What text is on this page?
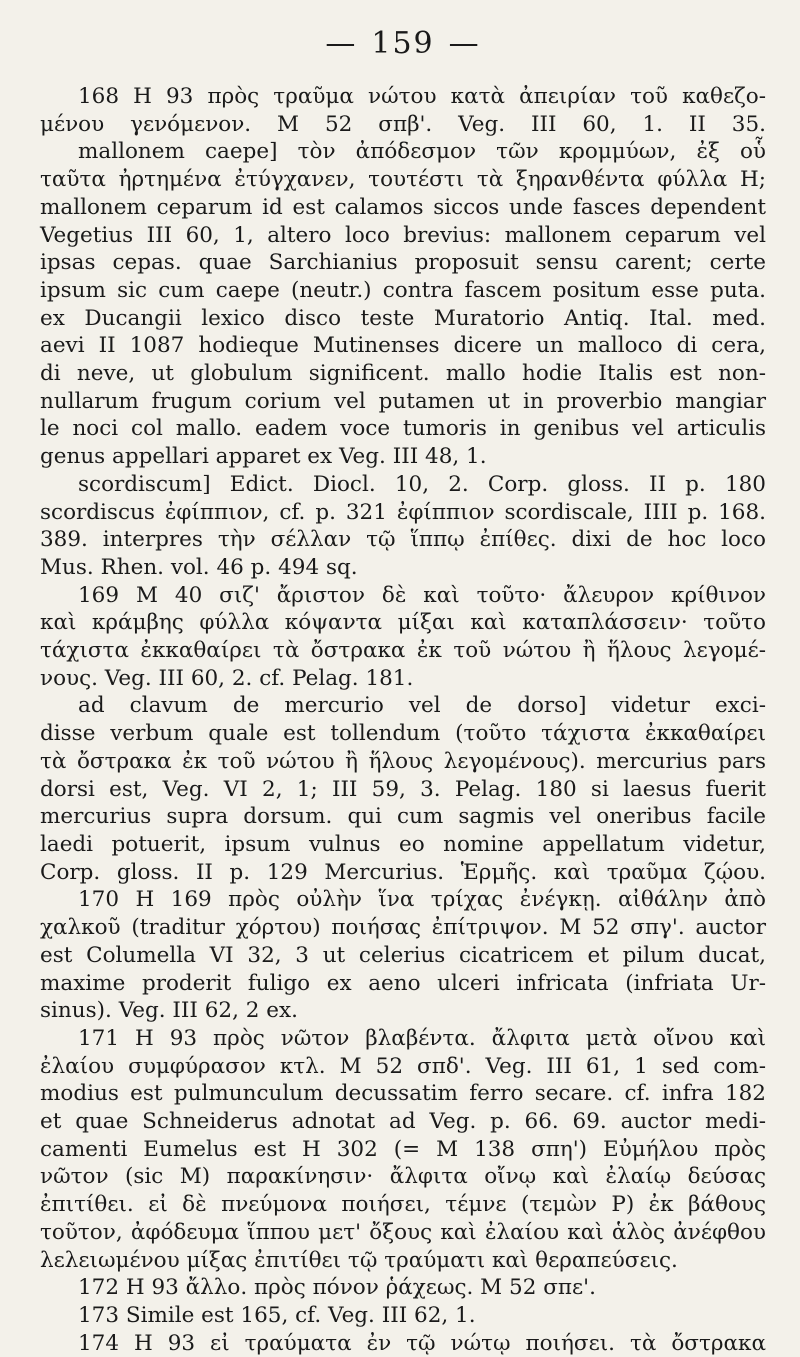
— 159 —
168 Η 93 πρὸς τραῦμα νώτου κατὰ ἀπειρίαν τοῦ καθεζο-
μένου γενόμενον. Μ 52 σπβ'. Veg. III 60, 1. II 35.
mallonem caepe] τὸν ἀπόδεσμον τῶν κρομμύων, ἐξ οὗ
ταῦτα ἠρτημένα ἐτύγχανεν, τουτέστι τὰ ξηρανθέντα φύλλα Η;
mallonem ceparum id est calamos siccos unde fasces dependent
Vegetius III 60, 1, altero loco brevius: mallonem ceparum vel
ipsas cepas. quae Sarchianius proposuit sensu carent; certe
ipsum sic cum caepe (neutr.) contra fascem positum esse puta.
ex Ducangii lexico disco teste Muratorio Antiq. Ital. med.
aevi II 1087 hodieque Mutinenses dicere un malloco di cera,
di neve, ut globulum significent. mallo hodie Italis est non-
nullarum frugum corium vel putamen ut in proverbio mangiar
le noci col mallo. eadem voce tumoris in genibus vel articulis
genus appellari apparet ex Veg. III 48, 1.
scordiscum] Edict. Diocl. 10, 2. Corp. gloss. II p. 180
scordiscus ἐφίππιον, cf. p. 321 ἐφίππιον scordiscale, IIII p. 168.
389. interpres τὴν σέλλαν τῷ ἵππῳ ἐπίθες. dixi de hoc loco
Mus. Rhen. vol. 46 p. 494 sq.
169 Μ 40 σιζ' ἄριστον δὲ καὶ τοῦτο· ἄλευρον κρίθινον
καὶ κράμβης φύλλα κόψαντα μίξαι καὶ καταπλάσσειν· τοῦτο
τάχιστα ἐκκαθαίρει τὰ ὄστρακα ἐκ τοῦ νώτου ἢ ἥλους λεγομέ-
νους. Veg. III 60, 2. cf. Pelag. 181.
ad clavum de mercurio vel de dorso] videtur exci-
disse verbum quale est tollendum (τοῦτο τάχιστα ἐκκαθαίρει
τὰ ὄστρακα ἐκ τοῦ νώτου ἢ ἥλους λεγομένους). mercurius pars
dorsi est, Veg. VI 2, 1; III 59, 3. Pelag. 180 si laesus fuerit
mercurius supra dorsum. qui cum sagmis vel oneribus facile
laedi potuerit, ipsum vulnus eo nomine appellatum videtur,
Corp. gloss. II p. 129 Mercurius. Ἑρμῆς. καὶ τραῦμα ζῴου.
170 Η 169 πρὸς οὐλὴν ἵνα τρίχας ἐνέγκῃ. αἰθάλην ἀπὸ
χαλκοῦ (traditur χόρτου) ποιήσας ἐπίτριψον. Μ 52 σπγ'. auctor
est Columella VI 32, 3 ut celerius cicatricem et pilum ducat,
maxime proderit fuligo ex aeno ulceri infricata (infriata Ur-
sinus). Veg. III 62, 2 ex.
171 Η 93 πρὸς νῶτον βλαβέντα. ἄλφιτα μετὰ οἴνου καὶ
ἐλαίου συμφύρασον κτλ. Μ 52 σπδ'. Veg. III 61, 1 sed com-
modius est pulmunculum decussatim ferro secare. cf. infra 182
et quae Schneiderus adnotat ad Veg. p. 66. 69. auctor medi-
camenti Eumelus est Η 302 (= Μ 138 σπη') Εὐμήλου πρὸς
νῶτον (sic Μ) παρακίνησιν· ἄλφιτα οἴνῳ καὶ ἐλαίῳ δεύσας
ἐπιτίθει. εἰ δὲ πνεύμονα ποιήσει, τέμνε (τεμὼν Ρ) ἐκ βάθους
τοῦτον, ἀφόδευμα ἵππου μετ' ὄξους καὶ ἐλαίου καὶ ἁλὸς ἀνέφθου
λελειωμένου μίξας ἐπιτίθει τῷ τραύματι καὶ θεραπεύσεις.
172 Η 93 ἄλλο. πρὸς πόνον ῥάχεως. Μ 52 σπε'.
173 Simile est 165, cf. Veg. III 62, 1.
174 Η 93 εἰ τραύματα ἐν τῷ νώτῳ ποιήσει. τὰ ὄστρακα
